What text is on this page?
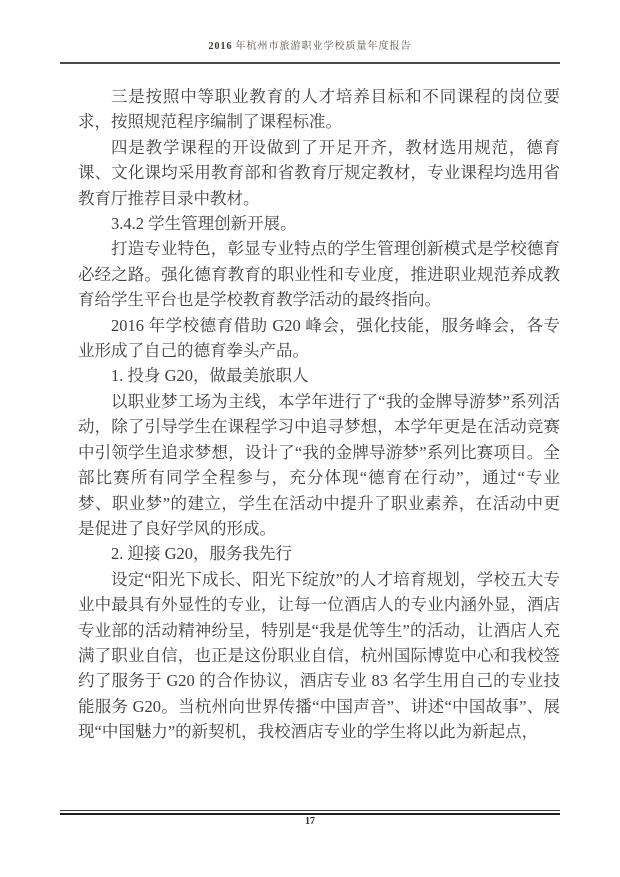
2016 年杭州市旅游职业学校质量年度报告

三是按照中等职业教育的人才培养目标和不同课程的岗位要求，按照规范程序编制了课程标准。

四是教学课程的开设做到了开足开齐，教材选用规范，德育课、文化课均采用教育部和省教育厅规定教材，专业课程均选用省教育厅推荐目录中教材。

3.4.2 学生管理创新开展。

打造专业特色，彰显专业特点的学生管理创新模式是学校德育必经之路。强化德育教育的职业性和专业度，推进职业规范养成教育给学生平台也是学校教育教学活动的最终指向。

2016 年学校德育借助 G20 峰会，强化技能，服务峰会，各专业形成了自己的德育拳头产品。

1. 投身 G20，做最美旅职人

以职业梦工场为主线，本学年进行了“我的金牌导游梦”系列活动，除了引导学生在课程学习中追寻梦想，本学年更是在活动竞赛中引领学生追求梦想，设计了“我的金牌导游梦”系列比赛项目。全部比赛所有同学全程参与，充分体现“德育在行动”，通过“专业梦、职业梦”的建立，学生在活动中提升了职业素养，在活动中更是促进了良好学风的形成。

2. 迎接 G20，服务我先行

设定“阳光下成长、阳光下绽放”的人才培育规划，学校五大专业中最具有外显性的专业，让每一位酒店人的专业内涵外显，酒店专业部的活动精神纷呈，特别是“我是优等生”的活动，让酒店人充满了职业自信，也正是这份职业自信，杭州国际博览中心和我校签约了服务于 G20 的合作协议，酒店专业 83 名学生用自己的专业技能服务 G20。当杭州向世界传播“中国声音”、讲述“中国故事”、展现“中国魅力”的新契机，我校酒店专业的学生将以此为新起点，

17
